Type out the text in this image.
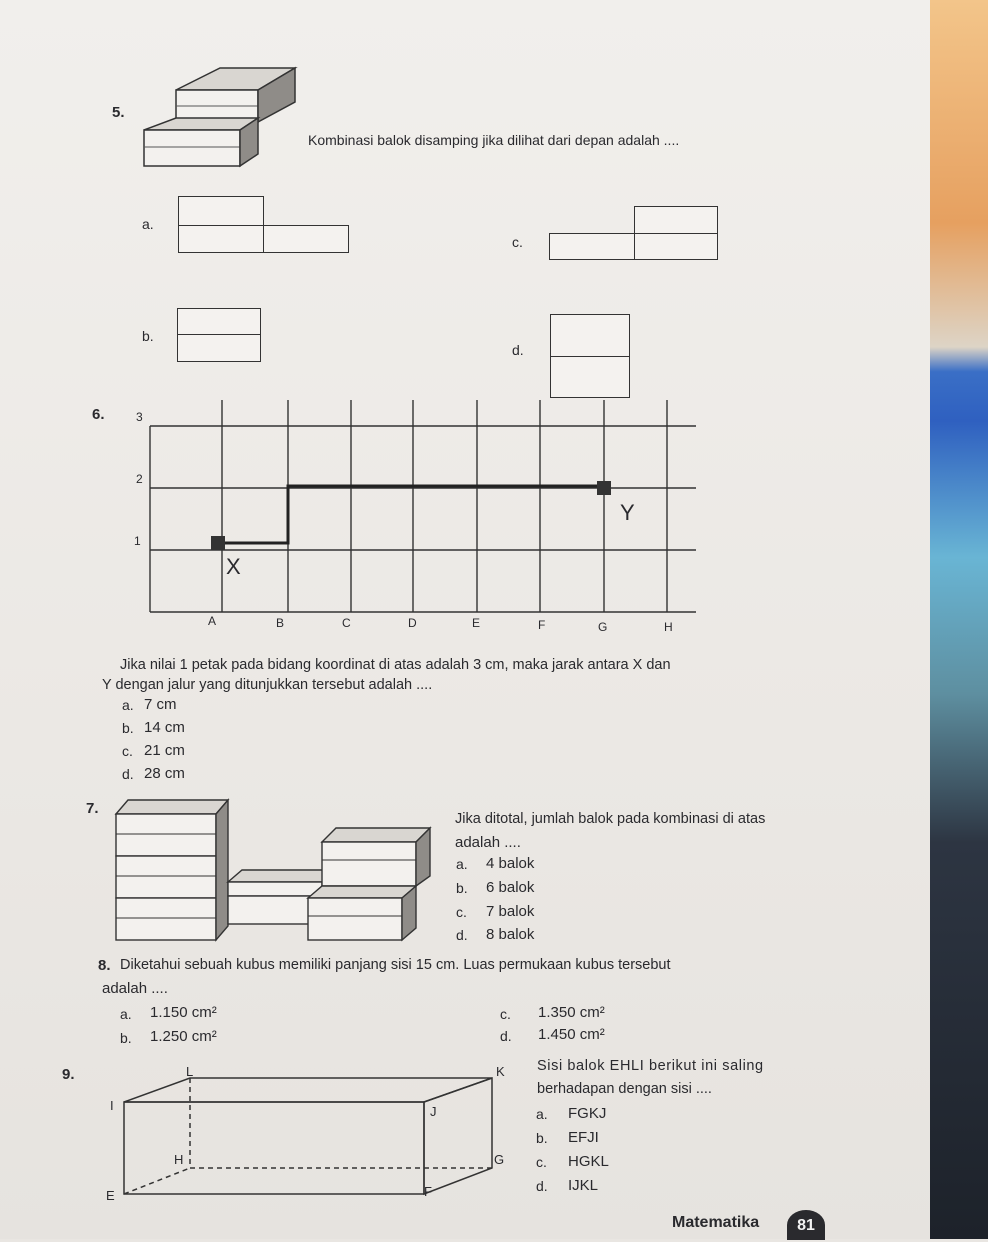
5.
Kombinasi balok disamping jika dilihat dari depan adalah ....
a.
c.
b.
d.
6.	3
2
1
X
Y
A	B	C	D	E	F	G	H
Jika nilai 1 petak pada bidang koordinat di atas adalah 3 cm, maka jarak antara X dan
Y dengan jalur yang ditunjukkan tersebut adalah ....
a. 7 cm
b. 14 cm
c. 21 cm
d. 28 cm
7.
Jika ditotal, jumlah balok pada kombinasi di atas
adalah ....
a. 4 balok
b. 6 balok
c. 7 balok
d. 8 balok
8. Diketahui sebuah kubus memiliki panjang sisi 15 cm. Luas permukaan kubus tersebut
adalah ....
a. 1.150 cm²
b. 1.250 cm²
c. 1.350 cm²
d. 1.450 cm²
9.	L	K
I	J
H	G
E	F
Sisi balok EHLI berikut ini saling
berhadapan dengan sisi ....
a. FGKJ
b. EFJI
c. HGKL
d. IJKL
Matematika	81
